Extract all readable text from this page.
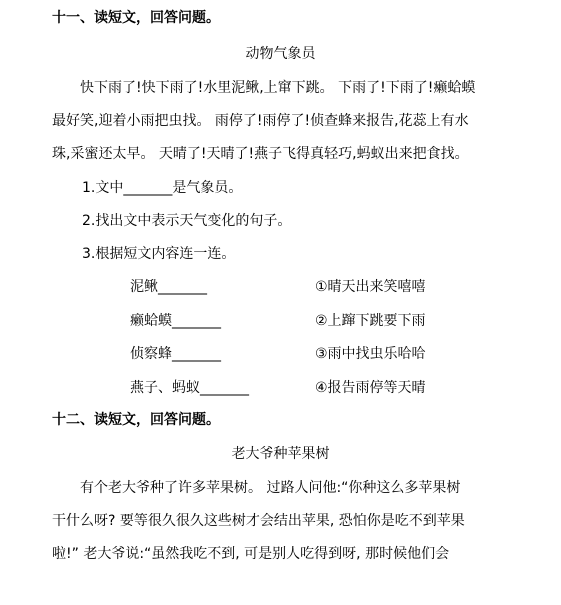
十一、读短文，回答问题。
动物气象员
快下雨了!快下雨了!水里泥鳅,上窜下跳。 下雨了!下雨了!癞蛤蟆
最好笑,迎着小雨把虫找。 雨停了!雨停了!侦查蜂来报告,花蕊上有水
珠,采蜜还太早。 天晴了!天晴了!燕子飞得真轻巧,蚂蚁出来把食找。
1.文中_______是气象员。
2.找出文中表示天气变化的句子。
3.根据短文内容连一连。
泥鳅_______	①晴天出来笑嘻嘻
癞蛤蟆_______	②上蹿下跳要下雨
侦察蜂_______	③雨中找虫乐哈哈
燕子、蚂蚁_______	④报告雨停等天晴
十二、读短文，回答问题。
老大爷种苹果树
有个老大爷种了许多苹果树。 过路人问他:“你种这么多苹果树
干什么呀? 要等很久很久这些树才会结出苹果, 恐怕你是吃不到苹果
啦!” 老大爷说:“虽然我吃不到, 可是别人吃得到呀, 那时候他们会
